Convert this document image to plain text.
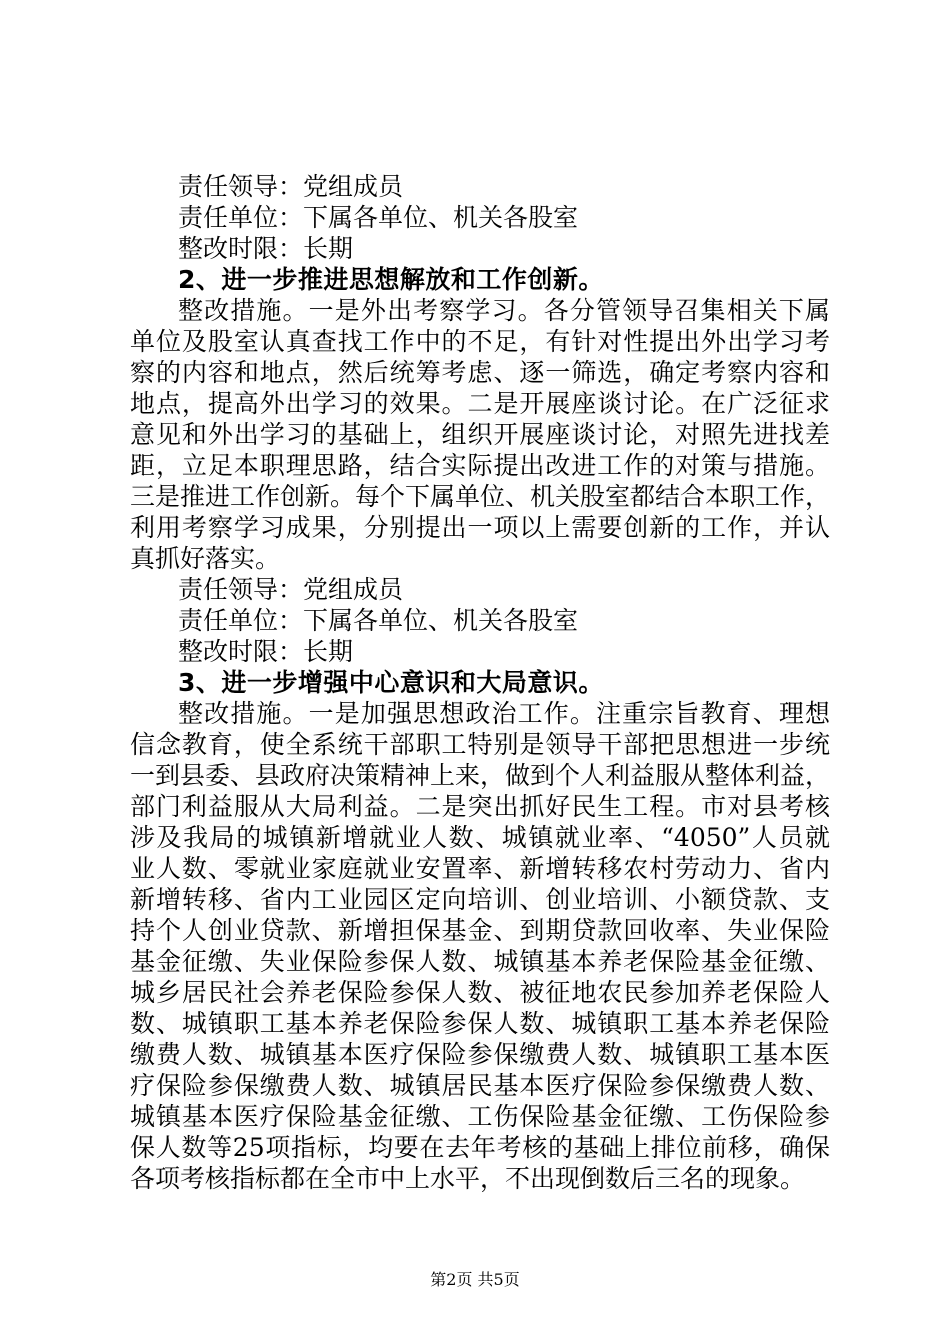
责任领导：党组成员
责任单位：下属各单位、机关各股室
整改时限：长期
2、进一步推进思想解放和工作创新。
整改措施。一是外出考察学习。各分管领导召集相关下属
单位及股室认真查找工作中的不足，有针对性提出外出学习考
察的内容和地点，然后统筹考虑、逐一筛选，确定考察内容和
地点，提高外出学习的效果。二是开展座谈讨论。在广泛征求
意见和外出学习的基础上，组织开展座谈讨论，对照先进找差
距，立足本职理思路，结合实际提出改进工作的对策与措施。
三是推进工作创新。每个下属单位、机关股室都结合本职工作，
利用考察学习成果，分别提出一项以上需要创新的工作，并认
真抓好落实。
责任领导：党组成员
责任单位：下属各单位、机关各股室
整改时限：长期
3、进一步增强中心意识和大局意识。
整改措施。一是加强思想政治工作。注重宗旨教育、理想
信念教育，使全系统干部职工特别是领导干部把思想进一步统
一到县委、县政府决策精神上来，做到个人利益服从整体利益，
部门利益服从大局利益。二是突出抓好民生工程。市对县考核
涉及我局的城镇新增就业人数、城镇就业率、“4050”人员就
业人数、零就业家庭就业安置率、新增转移农村劳动力、省内
新增转移、省内工业园区定向培训、创业培训、小额贷款、支
持个人创业贷款、新增担保基金、到期贷款回收率、失业保险
基金征缴、失业保险参保人数、城镇基本养老保险基金征缴、
城乡居民社会养老保险参保人数、被征地农民参加养老保险人
数、城镇职工基本养老保险参保人数、城镇职工基本养老保险
缴费人数、城镇基本医疗保险参保缴费人数、城镇职工基本医
疗保险参保缴费人数、城镇居民基本医疗保险参保缴费人数、
城镇基本医疗保险基金征缴、工伤保险基金征缴、工伤保险参
保人数等25项指标，均要在去年考核的基础上排位前移，确保
各项考核指标都在全市中上水平，不出现倒数后三名的现象。
第2页 共5页
